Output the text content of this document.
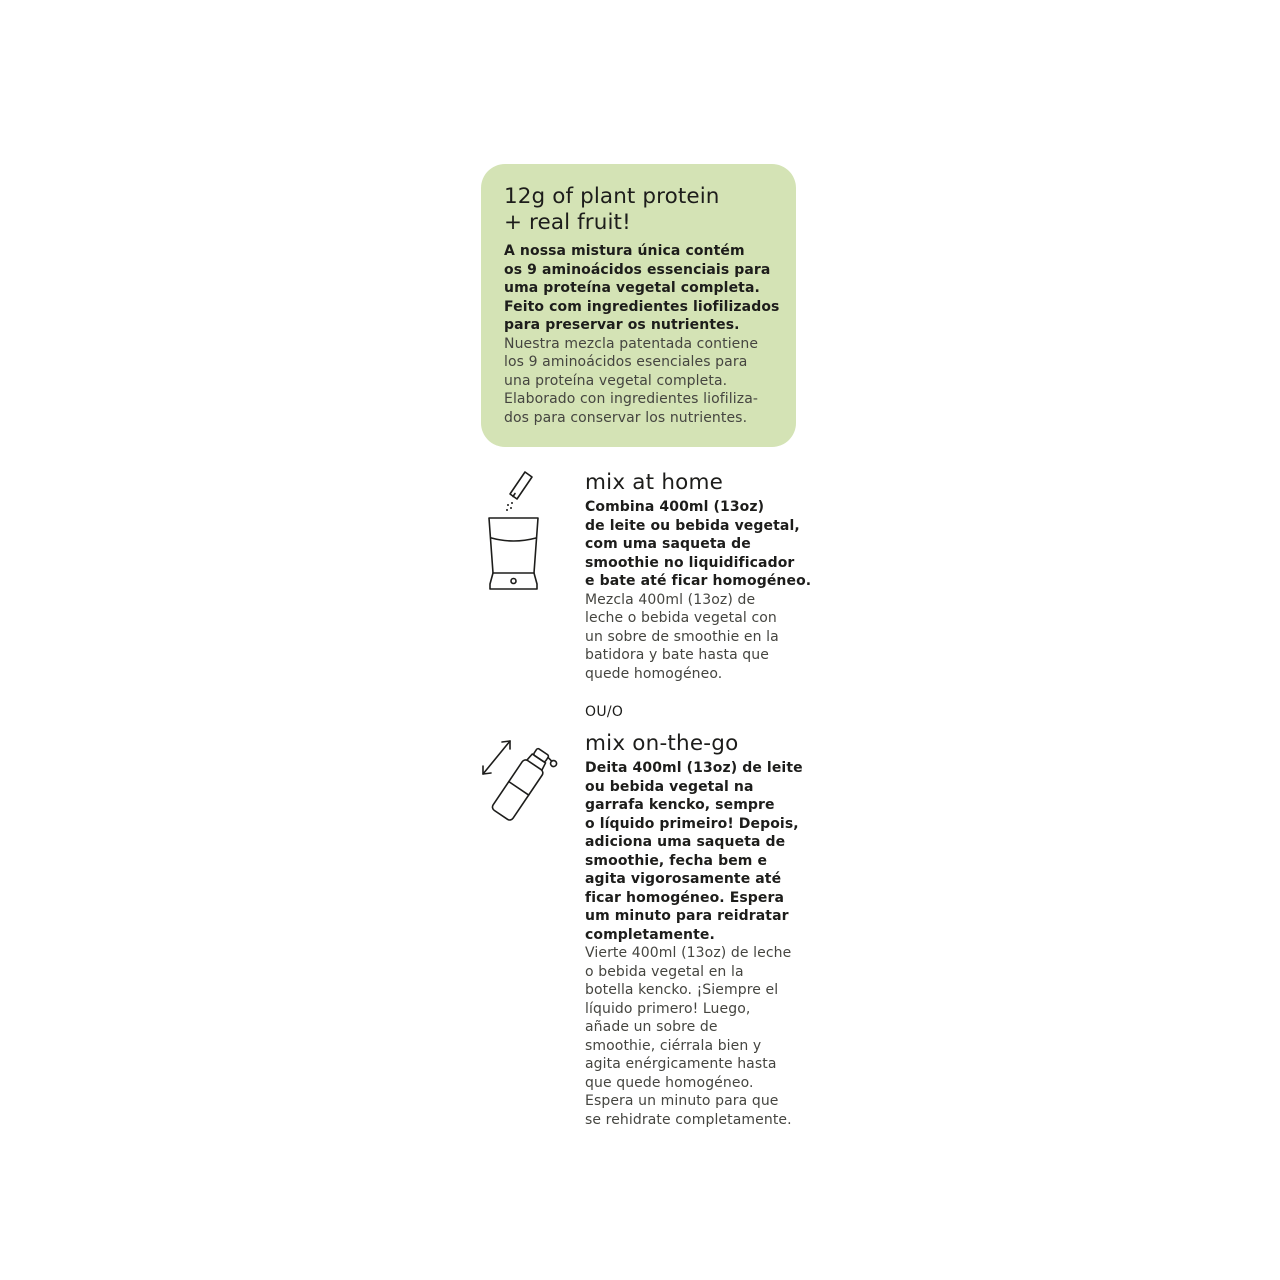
12g of plant protein
+ real fruit!
A nossa mistura única contém
os 9 aminoácidos essenciais para
uma proteína vegetal completa.
Feito com ingredientes liofilizados
para preservar os nutrientes.
Nuestra mezcla patentada contiene
los 9 aminoácidos esenciales para
una proteína vegetal completa.
Elaborado con ingredientes liofiliza-
dos para conservar los nutrientes.
mix at home
Combina 400ml (13oz)
de leite ou bebida vegetal,
com uma saqueta de
smoothie no liquidificador
e bate até ficar homogéneo.
Mezcla 400ml (13oz) de
leche o bebida vegetal con
un sobre de smoothie en la
batidora y bate hasta que
quede homogéneo.
OU/O
mix on-the-go
Deita 400ml (13oz) de leite
ou bebida vegetal na
garrafa kencko, sempre
o líquido primeiro! Depois,
adiciona uma saqueta de
smoothie, fecha bem e
agita vigorosamente até
ficar homogéneo. Espera
um minuto para reidratar
completamente.
Vierte 400ml (13oz) de leche
o bebida vegetal en la
botella kencko. ¡Siempre el
líquido primero! Luego,
añade un sobre de
smoothie, ciérrala bien y
agita enérgicamente hasta
que quede homogéneo.
Espera un minuto para que
se rehidrate completamente.
